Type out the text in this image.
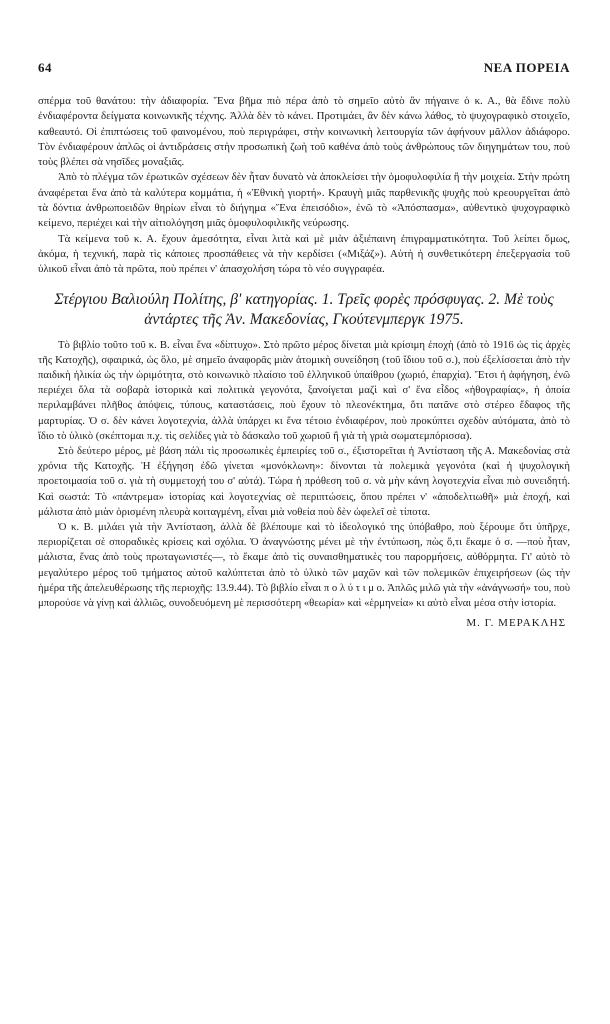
64	ΝΕΑ ΠΟΡΕΙΑ

σπέρμα τοῦ θανάτου: τὴν ἀδιαφορία. Ἕνα βῆμα πιὸ πέρα ἀπὸ τὸ σημεῖο αὐτὸ ἂν πήγαινε ὁ κ. Α., θὰ ἔδινε πολὺ ἐνδιαφέροντα δείγματα κοινωνικῆς τέχνης. Ἀλλὰ δὲν τὸ κάνει. Προτιμάει, ἂν δὲν κάνω λάθος, τὸ ψυχογραφικὸ στοιχεῖο, καθεαυτό. Οἱ ἐπιπτώσεις τοῦ φαινομένου, ποὺ περιγράφει, στὴν κοινωνικὴ λειτουργία τῶν ἀφήνουν μᾶλλον ἀδιάφορο. Τὸν ἐνδιαφέρουν ἁπλῶς οἱ ἀντιδράσεις στὴν προσωπικὴ ζωὴ τοῦ καθένα ἀπὸ τοὺς ἀνθρώπους τῶν διηγημάτων του, ποὺ τοὺς βλέπει σὰ νησῖδες μοναξιᾶς.

Ἀπὸ τὸ πλέγμα τῶν ἐρωτικῶν σχέσεων δὲν ἦταν δυνατὸ νὰ ἀποκλείσει τὴν ὁμοφυλοφιλία ἢ τὴν μοιχεία. Στὴν πρώτη ἀναφέρεται ἕνα ἀπὸ τὰ καλύτερα κομμάτια, ἡ «Ἐθνικὴ γιορτή». Κραυγὴ μιᾶς παρθενικῆς ψυχῆς ποὺ κρεουργεῖται ἀπὸ τὰ δόντια ἀνθρωποειδῶν θηρίων εἶναι τὸ διήγημα «Ἕνα ἐπεισόδιο», ἐνῶ τὸ «Ἀπόσπασμα», αὐθεντικὸ ψυχογραφικὸ κείμενο, περιέχει καὶ τὴν αἰτιολόγηση μιᾶς ὁμοφυλοφιλικῆς νεύρωσης.

Τὰ κείμενα τοῦ κ. Α. ἔχουν ἀμεσότητα, εἶναι λιτὰ καὶ μὲ μιὰν ἀξιέπαινη ἐπιγραμματικότητα. Τοῦ λείπει ὅμως, ἀκόμα, ἡ τεχνική, παρὰ τὶς κάποιες προσπάθειες νὰ τὴν κερδίσει («Μιξάζ»). Αὐτὴ ἡ συνθετικότερη ἐπεξεργασία τοῦ ὑλικοῦ εἶναι ἀπὸ τὰ πρῶτα, ποὺ πρέπει ν' ἀπασχολήση τώρα τὸ νέο συγγραφέα.

Στέργιου Βαλιούλη Πολίτης, β' κατηγορίας. 1. Τρεῖς φορὲς πρόσφυγας. 2. Μὲ τοὺς ἀντάρτες τῆς Ἀν. Μακεδονίας, Γκούτενμπεργκ 1975.

Τὸ βιβλίο τοῦτο τοῦ κ. Β. εἶναι ἕνα «δίπτυχο». Στὸ πρῶτο μέρος δίνεται μιὰ κρίσιμη ἐποχὴ (ἀπὸ τὸ 1916 ὡς τὶς ἀρχὲς τῆς Κατοχῆς), σφαιρικά, ὡς ὅλο, μὲ σημεῖο ἀναφορᾶς μιὰν ἀτομικὴ συνείδηση (τοῦ ἴδιου τοῦ σ.), ποὺ ἐξελίσσεται ἀπὸ τὴν παιδικὴ ἡλικία ὡς τὴν ὡριμότητα, στὸ κοινωνικὸ πλαίσιο τοῦ ἑλληνικοῦ ὑπαίθρου (χωριό, ἐπαρχία). Ἔτσι ἡ ἀφήγηση, ἐνῶ περιέχει ὅλα τὰ σοβαρὰ ἱστορικὰ καὶ πολιτικὰ γεγονότα, ξανοίγεται μαζὶ καὶ σ' ἕνα εἶδος «ἠθογραφίας», ἡ ὁποία περιλαμβάνει πλῆθος ἀπόψεις, τύπους, καταστάσεις, ποὺ ἔχουν τὸ πλεονέκτημα, ὅτι πατᾶνε στὸ στέρεο ἔδαφος τῆς μαρτυρίας. Ὁ σ. δὲν κάνει λογοτεχνία, ἀλλὰ ὑπάρχει κι ἕνα τέτοιο ἐνδιαφέρον, ποὺ προκύπτει σχεδὸν αὐτόματα, ἀπὸ τὸ ἴδιο τὸ ὑλικὸ (σκέπτομαι π.χ. τὶς σελίδες γιὰ τὸ δάσκαλο τοῦ χωριοῦ ἢ γιὰ τὴ γριὰ σωματεμπόρισσα).

Στὸ δεύτερο μέρος, μὲ βάση πάλι τὶς προσωπικὲς ἐμπειρίες τοῦ σ., ἐξιστορεῖται ἡ Ἀντίσταση τῆς Α. Μακεδονίας στὰ χρόνια τῆς Κατοχῆς. Ἡ ἐξήγηση ἐδῶ γίνεται «μονόκλωνη»: δίνονται τὰ πολεμικὰ γεγονότα (καὶ ἡ ψυχολογικὴ προετοιμασία τοῦ σ. γιὰ τὴ συμμετοχή του σ' αὐτά). Τώρα ἡ πρόθεση τοῦ σ. νὰ μὴν κάνη λογοτεχνία εἶναι πιὸ συνειδητή. Καὶ σωστά: Τὸ «πάντρεμα» ἱστορίας καὶ λογοτεχνίας σὲ περιπτώσεις, ὅπου πρέπει ν' «ἀποδελτιωθῆ» μιὰ ἐποχή, καὶ μάλιστα ἀπὸ μιὰν ὁρισμένη πλευρὰ κοιταγμένη, εἶναι μιὰ νοθεία ποὺ δὲν ὠφελεῖ σὲ τίποτα.

Ὁ κ. Β. μιλάει γιὰ τὴν Ἀντίσταση, ἀλλὰ δὲ βλέπουμε καὶ τὸ ἰδεολογικό της ὑπόβαθρο, ποὺ ξέρουμε ὅτι ὑπῆρχε, περιορίζεται σὲ σποραδικὲς κρίσεις καὶ σχόλια. Ὁ ἀναγνώστης μένει μὲ τὴν ἐντύπωση, πὼς ὅ,τι ἔκαμε ὁ σ. —ποὺ ἦταν, μάλιστα, ἕνας ἀπὸ τοὺς πρωταγωνιστές—, τὸ ἔκαμε ἀπὸ τὶς συναισθηματικὲς του παρορμήσεις, αὐθόρμητα. Γι' αὐτὸ τὸ μεγαλύτερο μέρος τοῦ τμήματος αὐτοῦ καλύπτεται ἀπὸ τὸ ὑλικὸ τῶν μαχῶν καὶ τῶν πολεμικῶν ἐπιχειρήσεων (ὡς τὴν ἡμέρα τῆς ἀπελευθέρωσης τῆς περιοχῆς: 13.9.44). Τὸ βιβλίο εἶναι π ο λ ύ τ ι μ ο. Ἁπλῶς μιλῶ γιὰ τὴν «ἀνάγνωσή» του, ποὺ μπορούσε νὰ γίνῃ καὶ ἀλλιῶς, συνοδευόμενη μὲ περισσότερη «θεωρία» καὶ «ἑρμηνεία» κι αὐτὸ εἶναι μέσα στὴν ἱστορία.

Μ. Γ. ΜΕΡΑΚΛΗΣ
